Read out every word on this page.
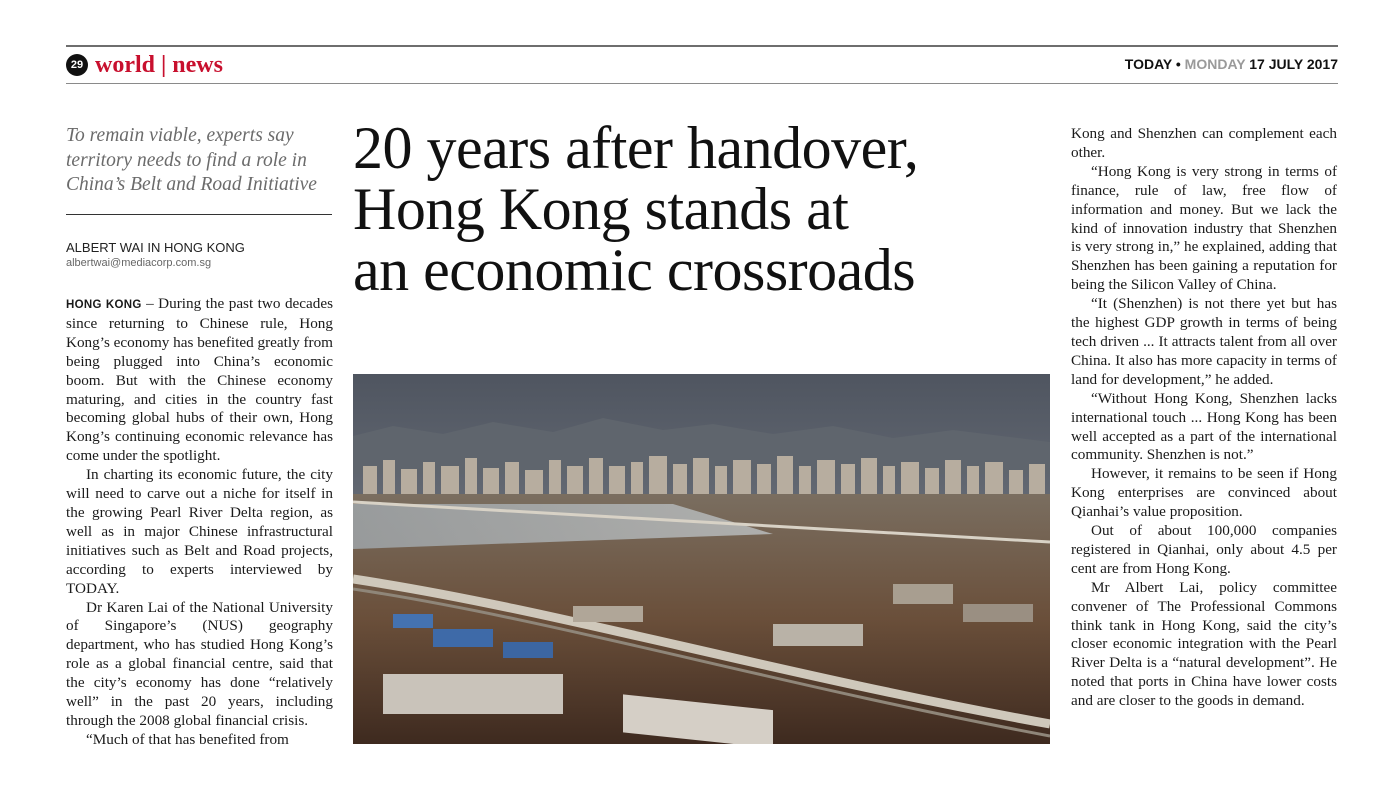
29 world | news	TODAY • MONDAY 17 JULY 2017

To remain viable, experts say territory needs to find a role in China’s Belt and Road Initiative

ALBERT WAI IN HONG KONG
albertwai@mediacorp.com.sg

HONG KONG – During the past two decades since returning to Chinese rule, Hong Kong’s economy has benefited greatly from being plugged into China’s economic boom. But with the Chinese economy maturing, and cities in the country fast becoming global hubs of their own, Hong Kong’s continuing economic relevance has come under the spotlight.

In charting its economic future, the city will need to carve out a niche for itself in the growing Pearl River Delta region, as well as in major Chinese infrastructural initiatives such as Belt and Road projects, according to experts interviewed by TODAY.

Dr Karen Lai of the National University of Singapore’s (NUS) geography department, who has studied Hong Kong’s role as a global financial centre, said that the city’s economy has done “relatively well” in the past 20 years, including through the 2008 global financial crisis.

“Much of that has benefited from

20 years after handover,
Hong Kong stands at
an economic crossroads

Kong and Shenzhen can complement each other.

“Hong Kong is very strong in terms of finance, rule of law, free flow of information and money. But we lack the kind of innovation industry that Shenzhen is very strong in,” he explained, adding that Shenzhen has been gaining a reputation for being the Silicon Valley of China.

“It (Shenzhen) is not there yet but has the highest GDP growth in terms of being tech driven ... It attracts talent from all over China. It also has more capacity in terms of land for development,” he added.

“Without Hong Kong, Shenzhen lacks international touch ... Hong Kong has been well accepted as a part of the international community. Shenzhen is not.”

However, it remains to be seen if Hong Kong enterprises are convinced about Qianhai’s value proposition.

Out of about 100,000 companies registered in Qianhai, only about 4.5 per cent are from Hong Kong.

Mr Albert Lai, policy committee convener of The Professional Commons think tank in Hong Kong, said the city’s closer economic integration with the Pearl River Delta is a “natural development”. He noted that ports in China have lower costs and are closer to the goods in demand.
